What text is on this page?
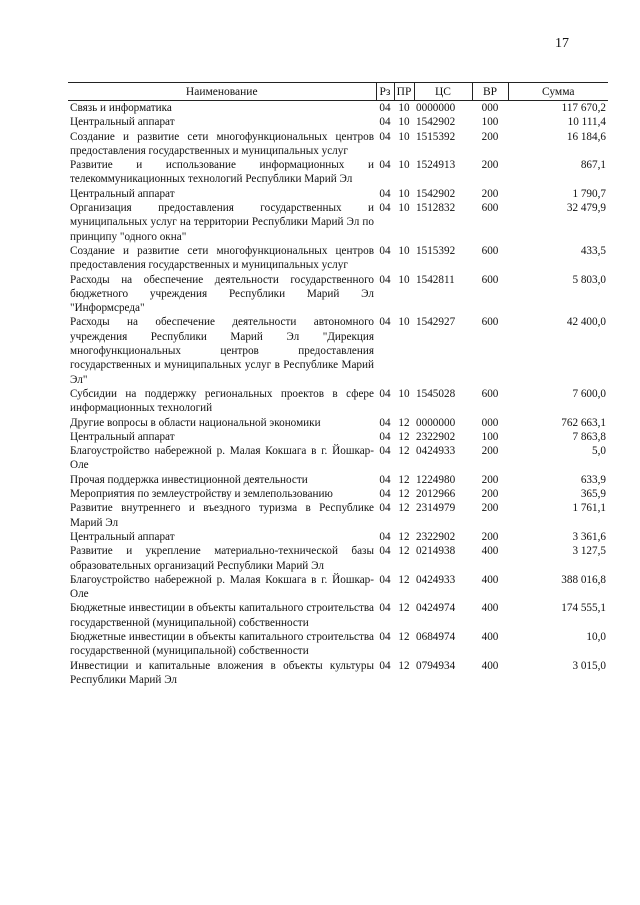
17
Наименование	Рз	ПР	ЦС	ВР	Сумма
Связь и информатика	04	10	0000000	000	117 670,2
Центральный аппарат	04	10	1542902	100	10 111,4
Создание и развитие сети многофункциональных центров предоставления государственных и муниципальных услуг	04	10	1515392	200	16 184,6
Развитие и использование информационных и телекоммуникационных технологий Республики Марий Эл	04	10	1524913	200	867,1
Центральный аппарат	04	10	1542902	200	1 790,7
Организация предоставления государственных и муниципальных услуг на территории Республики Марий Эл по принципу "одного окна"	04	10	1512832	600	32 479,9
Создание и развитие сети многофункциональных центров предоставления государственных и муниципальных услуг	04	10	1515392	600	433,5
Расходы на обеспечение деятельности государственного бюджетного учреждения Республики Марий Эл "Информсреда"	04	10	1542811	600	5 803,0
Расходы на обеспечение деятельности автономного учреждения Республики Марий Эл "Дирекция многофункциональных центров предоставления государственных и муниципальных услуг в Республике Марий Эл"	04	10	1542927	600	42 400,0
Субсидии на поддержку региональных проектов в сфере информационных технологий	04	10	1545028	600	7 600,0
Другие вопросы в области национальной экономики	04	12	0000000	000	762 663,1
Центральный аппарат	04	12	2322902	100	7 863,8
Благоустройство набережной р. Малая Кокшага в г. Йошкар-Оле	04	12	0424933	200	5,0
Прочая поддержка инвестиционной деятельности	04	12	1224980	200	633,9
Мероприятия по землеустройству и землепользованию	04	12	2012966	200	365,9
Развитие внутреннего и въездного туризма в Республике Марий Эл	04	12	2314979	200	1 761,1
Центральный аппарат	04	12	2322902	200	3 361,6
Развитие и укрепление материально-технической базы образовательных организаций Республики Марий Эл	04	12	0214938	400	3 127,5
Благоустройство набережной р. Малая Кокшага в г. Йошкар-Оле	04	12	0424933	400	388 016,8
Бюджетные инвестиции в объекты капитального строительства государственной (муниципальной) собственности	04	12	0424974	400	174 555,1
Бюджетные инвестиции в объекты капитального строительства государственной (муниципальной) собственности	04	12	0684974	400	10,0
Инвестиции и капитальные вложения в объекты культуры Республики Марий Эл	04	12	0794934	400	3 015,0
